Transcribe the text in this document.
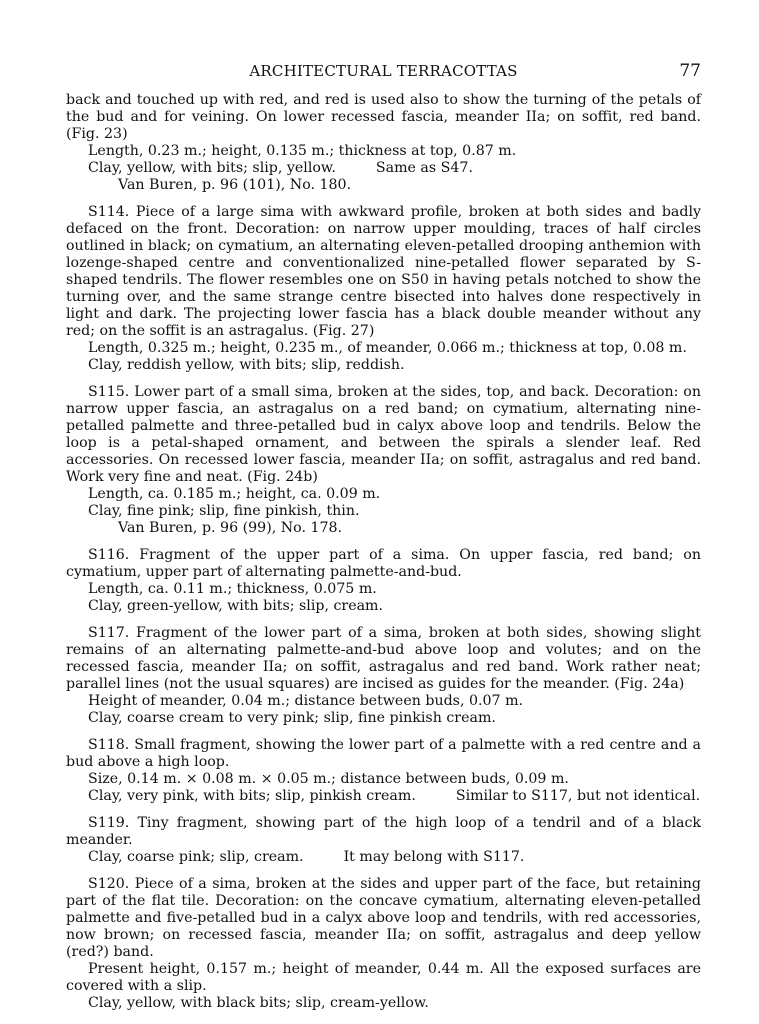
ARCHITECTURAL TERRACOTTAS	77

back and touched up with red, and red is used also to show the turning of the petals of the bud and for veining. On lower recessed fascia, meander IIa; on soffit, red band. (Fig. 23)

Length, 0.23 m.; height, 0.135 m.; thickness at top, 0.87 m.

Clay, yellow, with bits; slip, yellow.	Same as S47.

Van Buren, p. 96 (101), No. 180.

S114. Piece of a large sima with awkward profile, broken at both sides and badly defaced on the front. Decoration: on narrow upper moulding, traces of half circles outlined in black; on cymatium, an alternating eleven-petalled drooping anthemion with lozenge-shaped centre and conventionalized nine-petalled flower separated by S-shaped tendrils. The flower resembles one on S50 in having petals notched to show the turning over, and the same strange centre bisected into halves done respectively in light and dark. The projecting lower fascia has a black double meander without any red; on the soffit is an astragalus. (Fig. 27)

Length, 0.325 m.; height, 0.235 m., of meander, 0.066 m.; thickness at top, 0.08 m.

Clay, reddish yellow, with bits; slip, reddish.

S115. Lower part of a small sima, broken at the sides, top, and back. Decoration: on narrow upper fascia, an astragalus on a red band; on cymatium, alternating nine-petalled palmette and three-petalled bud in calyx above loop and tendrils. Below the loop is a petal-shaped ornament, and between the spirals a slender leaf. Red accessories. On recessed lower fascia, meander IIa; on soffit, astragalus and red band. Work very fine and neat. (Fig. 24b)

Length, ca. 0.185 m.; height, ca. 0.09 m.

Clay, fine pink; slip, fine pinkish, thin.

Van Buren, p. 96 (99), No. 178.

S116. Fragment of the upper part of a sima. On upper fascia, red band; on cymatium, upper part of alternating palmette-and-bud.

Length, ca. 0.11 m.; thickness, 0.075 m.

Clay, green-yellow, with bits; slip, cream.

S117. Fragment of the lower part of a sima, broken at both sides, showing slight remains of an alternating palmette-and-bud above loop and volutes; and on the recessed fascia, meander IIa; on soffit, astragalus and red band. Work rather neat; parallel lines (not the usual squares) are incised as guides for the meander. (Fig. 24a)

Height of meander, 0.04 m.; distance between buds, 0.07 m.

Clay, coarse cream to very pink; slip, fine pinkish cream.

S118. Small fragment, showing the lower part of a palmette with a red centre and a bud above a high loop.

Size, 0.14 m. × 0.08 m. × 0.05 m.; distance between buds, 0.09 m.

Clay, very pink, with bits; slip, pinkish cream.	Similar to S117, but not identical.

S119. Tiny fragment, showing part of the high loop of a tendril and of a black meander.

Clay, coarse pink; slip, cream.	It may belong with S117.

S120. Piece of a sima, broken at the sides and upper part of the face, but retaining part of the flat tile. Decoration: on the concave cymatium, alternating eleven-petalled palmette and five-petalled bud in a calyx above loop and tendrils, with red accessories, now brown; on recessed fascia, meander IIa; on soffit, astragalus and deep yellow (red?) band.

Present height, 0.157 m.; height of meander, 0.44 m. All the exposed surfaces are covered with a slip.

Clay, yellow, with black bits; slip, cream-yellow.
